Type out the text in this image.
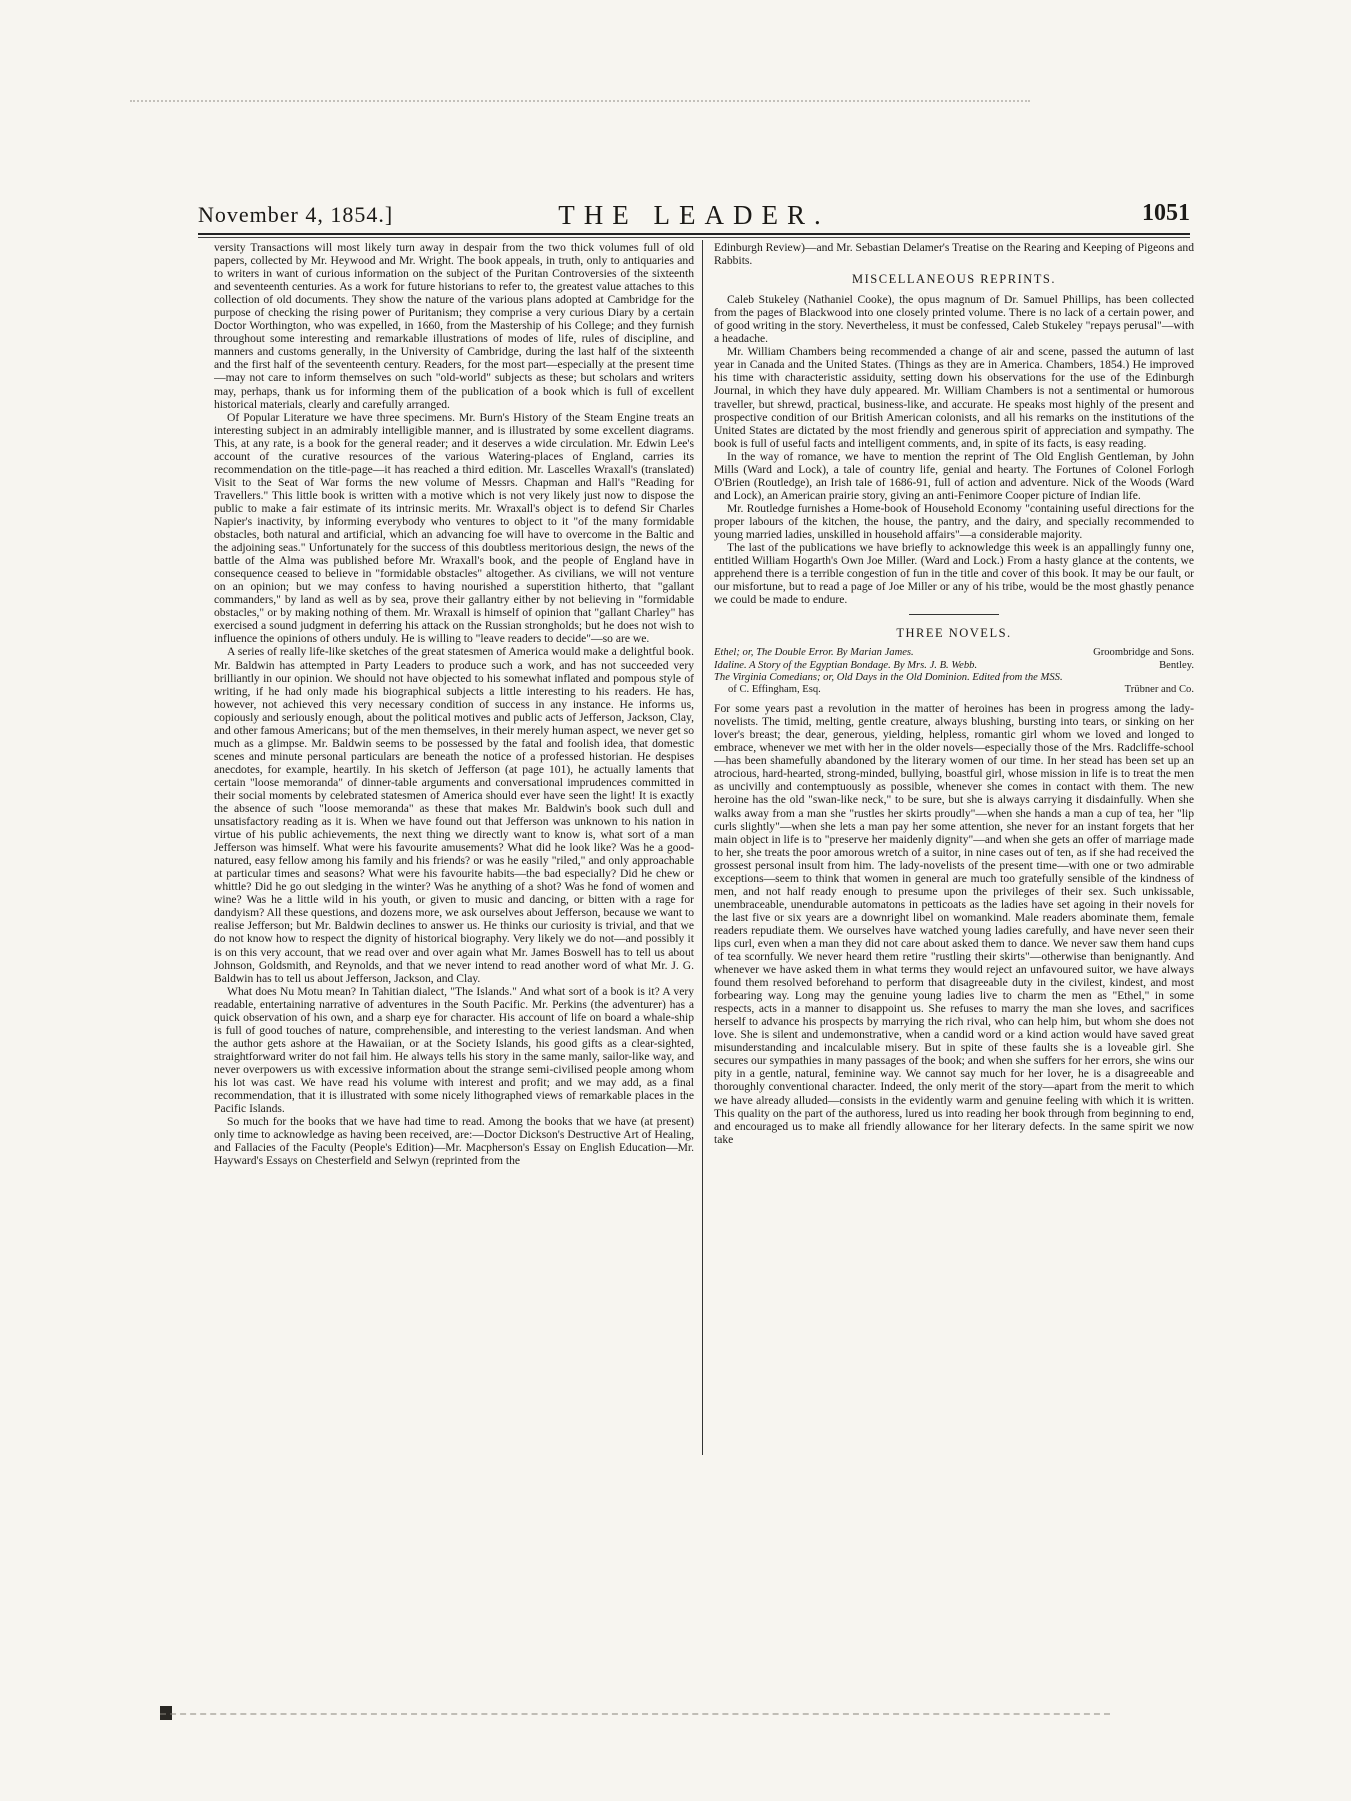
November 4, 1854.]	THE LEADER.	1051

versity Transactions will most likely turn away in despair from the two thick volumes full of old papers, collected by Mr. Heywood and Mr. Wright. The book appeals, in truth, only to antiquaries and to writers in want of curious information on the subject of the Puritan Controversies of the sixteenth and seventeenth centuries. As a work for future historians to refer to, the greatest value attaches to this collection of old documents. They show the nature of the various plans adopted at Cambridge for the purpose of checking the rising power of Puritanism; they comprise a very curious Diary by a certain Doctor Worthington, who was expelled, in 1660, from the Mastership of his College; and they furnish throughout some interesting and remarkable illustrations of modes of life, rules of discipline, and manners and customs generally, in the University of Cambridge, during the last half of the sixteenth and the first half of the seventeenth century. Readers, for the most part—especially at the present time—may not care to inform themselves on such "old-world" subjects as these; but scholars and writers may, perhaps, thank us for informing them of the publication of a book which is full of excellent historical materials, clearly and carefully arranged.

Of Popular Literature we have three specimens. Mr. Burn's History of the Steam Engine treats an interesting subject in an admirably intelligible manner, and is illustrated by some excellent diagrams. This, at any rate, is a book for the general reader; and it deserves a wide circulation. Mr. Edwin Lee's account of the curative resources of the various Watering-places of England, carries its recommendation on the title-page—it has reached a third edition. Mr. Lascelles Wraxall's (translated) Visit to the Seat of War forms the new volume of Messrs. Chapman and Hall's "Reading for Travellers." This little book is written with a motive which is not very likely just now to dispose the public to make a fair estimate of its intrinsic merits. Mr. Wraxall's object is to defend Sir Charles Napier's inactivity, by informing everybody who ventures to object to it "of the many formidable obstacles, both natural and artificial, which an advancing foe will have to overcome in the Baltic and the adjoining seas." Unfortunately for the success of this doubtless meritorious design, the news of the battle of the Alma was published before Mr. Wraxall's book, and the people of England have in consequence ceased to believe in "formidable obstacles" altogether. As civilians, we will not venture on an opinion; but we may confess to having nourished a superstition hitherto, that "gallant commanders," by land as well as by sea, prove their gallantry either by not believing in "formidable obstacles," or by making nothing of them. Mr. Wraxall is himself of opinion that "gallant Charley" has exercised a sound judgment in deferring his attack on the Russian strongholds; but he does not wish to influence the opinions of others unduly. He is willing to "leave readers to decide"—so are we.

A series of really life-like sketches of the great statesmen of America would make a delightful book. Mr. Baldwin has attempted in Party Leaders to produce such a work, and has not succeeded very brilliantly in our opinion. We should not have objected to his somewhat inflated and pompous style of writing, if he had only made his biographical subjects a little interesting to his readers. He has, however, not achieved this very necessary condition of success in any instance. He informs us, copiously and seriously enough, about the political motives and public acts of Jefferson, Jackson, Clay, and other famous Americans; but of the men themselves, in their merely human aspect, we never get so much as a glimpse. Mr. Baldwin seems to be possessed by the fatal and foolish idea, that domestic scenes and minute personal particulars are beneath the notice of a professed historian. He despises anecdotes, for example, heartily. In his sketch of Jefferson (at page 101), he actually laments that certain "loose memoranda" of dinner-table arguments and conversational imprudences committed in their social moments by celebrated statesmen of America should ever have seen the light! It is exactly the absence of such "loose memoranda" as these that makes Mr. Baldwin's book such dull and unsatisfactory reading as it is. When we have found out that Jefferson was unknown to his nation in virtue of his public achievements, the next thing we directly want to know is, what sort of a man Jefferson was himself. What were his favourite amusements? What did he look like? Was he a good-natured, easy fellow among his family and his friends? or was he easily "riled," and only approachable at particular times and seasons? What were his favourite habits—the bad especially? Did he chew or whittle? Did he go out sledging in the winter? Was he anything of a shot? Was he fond of women and wine? Was he a little wild in his youth, or given to music and dancing, or bitten with a rage for dandyism? All these questions, and dozens more, we ask ourselves about Jefferson, because we want to realise Jefferson; but Mr. Baldwin declines to answer us. He thinks our curiosity is trivial, and that we do not know how to respect the dignity of historical biography. Very likely we do not—and possibly it is on this very account, that we read over and over again what Mr. James Boswell has to tell us about Johnson, Goldsmith, and Reynolds, and that we never intend to read another word of what Mr. J. G. Baldwin has to tell us about Jefferson, Jackson, and Clay.

What does Nu Motu mean? In Tahitian dialect, "The Islands." And what sort of a book is it? A very readable, entertaining narrative of adventures in the South Pacific. Mr. Perkins (the adventurer) has a quick observation of his own, and a sharp eye for character. His account of life on board a whale-ship is full of good touches of nature, comprehensible, and interesting to the veriest landsman. And when the author gets ashore at the Hawaiian, or at the Society Islands, his good gifts as a clear-sighted, straightforward writer do not fail him. He always tells his story in the same manly, sailor-like way, and never overpowers us with excessive information about the strange semi-civilised people among whom his lot was cast. We have read his volume with interest and profit; and we may add, as a final recommendation, that it is illustrated with some nicely lithographed views of remarkable places in the Pacific Islands.

So much for the books that we have had time to read. Among the books that we have (at present) only time to acknowledge as having been received, are:—Doctor Dickson's Destructive Art of Healing, and Fallacies of the Faculty (People's Edition)—Mr. Macpherson's Essay on English Education—Mr. Hayward's Essays on Chesterfield and Selwyn (reprinted from the

Edinburgh Review)—and Mr. Sebastian Delamer's Treatise on the Rearing and Keeping of Pigeons and Rabbits.

MISCELLANEOUS REPRINTS.

Caleb Stukeley (Nathaniel Cooke), the opus magnum of Dr. Samuel Phillips, has been collected from the pages of Blackwood into one closely printed volume. There is no lack of a certain power, and of good writing in the story. Nevertheless, it must be confessed, Caleb Stukeley "repays perusal"—with a headache.

Mr. William Chambers being recommended a change of air and scene, passed the autumn of last year in Canada and the United States. (Things as they are in America. Chambers, 1854.) He improved his time with characteristic assiduity, setting down his observations for the use of the Edinburgh Journal, in which they have duly appeared. Mr. William Chambers is not a sentimental or humorous traveller, but shrewd, practical, business-like, and accurate. He speaks most highly of the present and prospective condition of our British American colonists, and all his remarks on the institutions of the United States are dictated by the most friendly and generous spirit of appreciation and sympathy. The book is full of useful facts and intelligent comments, and, in spite of its facts, is easy reading.

In the way of romance, we have to mention the reprint of The Old English Gentleman, by John Mills (Ward and Lock), a tale of country life, genial and hearty. The Fortunes of Colonel Forlogh O'Brien (Routledge), an Irish tale of 1686-91, full of action and adventure. Nick of the Woods (Ward and Lock), an American prairie story, giving an anti-Fenimore Cooper picture of Indian life.

Mr. Routledge furnishes a Home-book of Household Economy "containing useful directions for the proper labours of the kitchen, the house, the pantry, and the dairy, and specially recommended to young married ladies, unskilled in household affairs"—a considerable majority.

The last of the publications we have briefly to acknowledge this week is an appallingly funny one, entitled William Hogarth's Own Joe Miller. (Ward and Lock.) From a hasty glance at the contents, we apprehend there is a terrible congestion of fun in the title and cover of this book. It may be our fault, or our misfortune, but to read a page of Joe Miller or any of his tribe, would be the most ghastly penance we could be made to endure.

THREE NOVELS.
Ethel; or, The Double Error. By Marian James.	Groombridge and Sons.
Idaline. A Story of the Egyptian Bondage. By Mrs. J. B. Webb.	Bentley.
The Virginia Comedians; or, Old Days in the Old Dominion. Edited from the MSS.
of C. Effingham, Esq.	Trübner and Co.

For some years past a revolution in the matter of heroines has been in progress among the lady-novelists. The timid, melting, gentle creature, always blushing, bursting into tears, or sinking on her lover's breast; the dear, generous, yielding, helpless, romantic girl whom we loved and longed to embrace, whenever we met with her in the older novels—especially those of the Mrs. Radcliffe-school—has been shamefully abandoned by the literary women of our time. In her stead has been set up an atrocious, hard-hearted, strong-minded, bullying, boastful girl, whose mission in life is to treat the men as uncivilly and contemptuously as possible, whenever she comes in contact with them. The new heroine has the old "swan-like neck," to be sure, but she is always carrying it disdainfully. When she walks away from a man she "rustles her skirts proudly"—when she hands a man a cup of tea, her "lip curls slightly"—when she lets a man pay her some attention, she never for an instant forgets that her main object in life is to "preserve her maidenly dignity"—and when she gets an offer of marriage made to her, she treats the poor amorous wretch of a suitor, in nine cases out of ten, as if she had received the grossest personal insult from him. The lady-novelists of the present time—with one or two admirable exceptions—seem to think that women in general are much too gratefully sensible of the kindness of men, and not half ready enough to presume upon the privileges of their sex. Such unkissable, unembraceable, unendurable automatons in petticoats as the ladies have set agoing in their novels for the last five or six years are a downright libel on womankind. Male readers abominate them, female readers repudiate them. We ourselves have watched young ladies carefully, and have never seen their lips curl, even when a man they did not care about asked them to dance. We never saw them hand cups of tea scornfully. We never heard them retire "rustling their skirts"—otherwise than benignantly. And whenever we have asked them in what terms they would reject an unfavoured suitor, we have always found them resolved beforehand to perform that disagreeable duty in the civilest, kindest, and most forbearing way. Long may the genuine young ladies live to charm the men as "Ethel," in some respects, acts in a manner to disappoint us. She refuses to marry the man she loves, and sacrifices herself to advance his prospects by marrying the rich rival, who can help him, but whom she does not love. She is silent and undemonstrative, when a candid word or a kind action would have saved great misunderstanding and incalculable misery. But in spite of these faults she is a loveable girl. She secures our sympathies in many passages of the book; and when she suffers for her errors, she wins our pity in a gentle, natural, feminine way. We cannot say much for her lover, he is a disagreeable and thoroughly conventional character. Indeed, the only merit of the story—apart from the merit to which we have already alluded—consists in the evidently warm and genuine feeling with which it is written. This quality on the part of the authoress, lured us into reading her book through from beginning to end, and encouraged us to make all friendly allowance for her literary defects. In the same spirit we now take
